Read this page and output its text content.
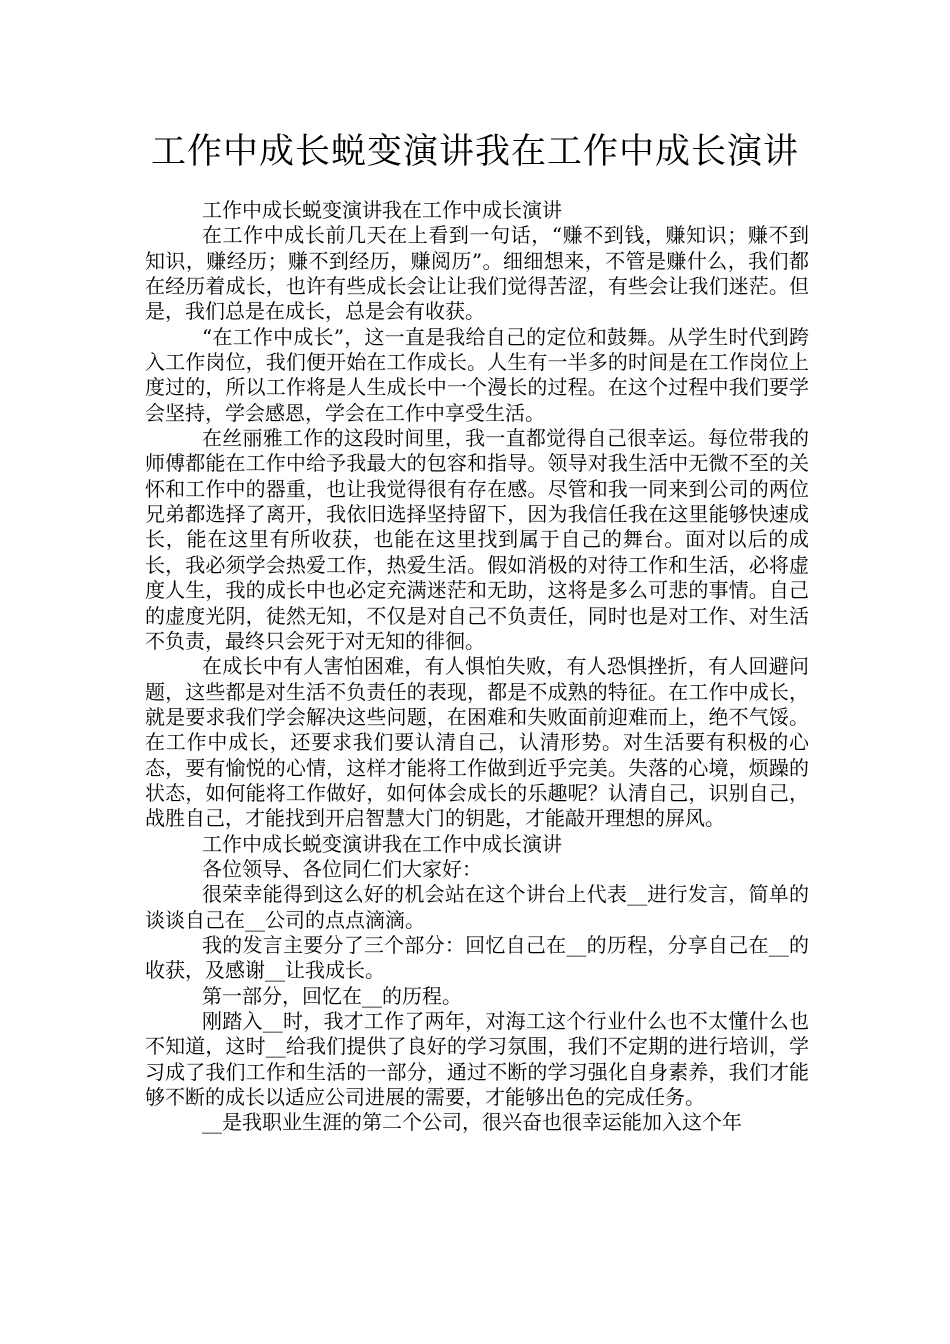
工作中成长蜕变演讲我在工作中成长演讲

工作中成长蜕变演讲我在工作中成长演讲

在工作中成长前几天在上看到一句话，“赚不到钱，赚知识；赚不到知识，赚经历；赚不到经历，赚阅历”。细细想来，不管是赚什么，我们都在经历着成长，也许有些成长会让让我们觉得苦涩，有些会让我们迷茫。但是，我们总是在成长，总是会有收获。

“在工作中成长”，这一直是我给自己的定位和鼓舞。从学生时代到跨入工作岗位，我们便开始在工作成长。人生有一半多的时间是在工作岗位上度过的，所以工作将是人生成长中一个漫长的过程。在这个过程中我们要学会坚持，学会感恩，学会在工作中享受生活。

在丝丽雅工作的这段时间里，我一直都觉得自己很幸运。每位带我的师傅都能在工作中给予我最大的包容和指导。领导对我生活中无微不至的关怀和工作中的器重，也让我觉得很有存在感。尽管和我一同来到公司的两位兄弟都选择了离开，我依旧选择坚持留下，因为我信任我在这里能够快速成长，能在这里有所收获，也能在这里找到属于自己的舞台。面对以后的成长，我必须学会热爱工作，热爱生活。假如消极的对待工作和生活，必将虚度人生，我的成长中也必定充满迷茫和无助，这将是多么可悲的事情。自己的虚度光阴，徒然无知，不仅是对自己不负责任，同时也是对工作、对生活不负责，最终只会死于对无知的徘徊。

在成长中有人害怕困难，有人惧怕失败，有人恐惧挫折，有人回避问题，这些都是对生活不负责任的表现，都是不成熟的特征。在工作中成长，就是要求我们学会解决这些问题，在困难和失败面前迎难而上，绝不气馁。在工作中成长，还要求我们要认清自己，认清形势。对生活要有积极的心态，要有愉悦的心情，这样才能将工作做到近乎完美。失落的心境，烦躁的状态，如何能将工作做好，如何体会成长的乐趣呢？认清自己，识别自己，战胜自己，才能找到开启智慧大门的钥匙，才能敲开理想的屏风。

工作中成长蜕变演讲我在工作中成长演讲

各位领导、各位同仁们大家好：

很荣幸能得到这么好的机会站在这个讲台上代表__进行发言，简单的谈谈自己在__公司的点点滴滴。

我的发言主要分了三个部分：回忆自己在__的历程，分享自己在__的收获，及感谢__让我成长。

第一部分，回忆在__的历程。

刚踏入__时，我才工作了两年，对海工这个行业什么也不太懂什么也不知道，这时__给我们提供了良好的学习氛围，我们不定期的进行培训，学习成了我们工作和生活的一部分，通过不断的学习强化自身素养，我们才能够不断的成长以适应公司进展的需要，才能够出色的完成任务。

__是我职业生涯的第二个公司，很兴奋也很幸运能加入这个年
